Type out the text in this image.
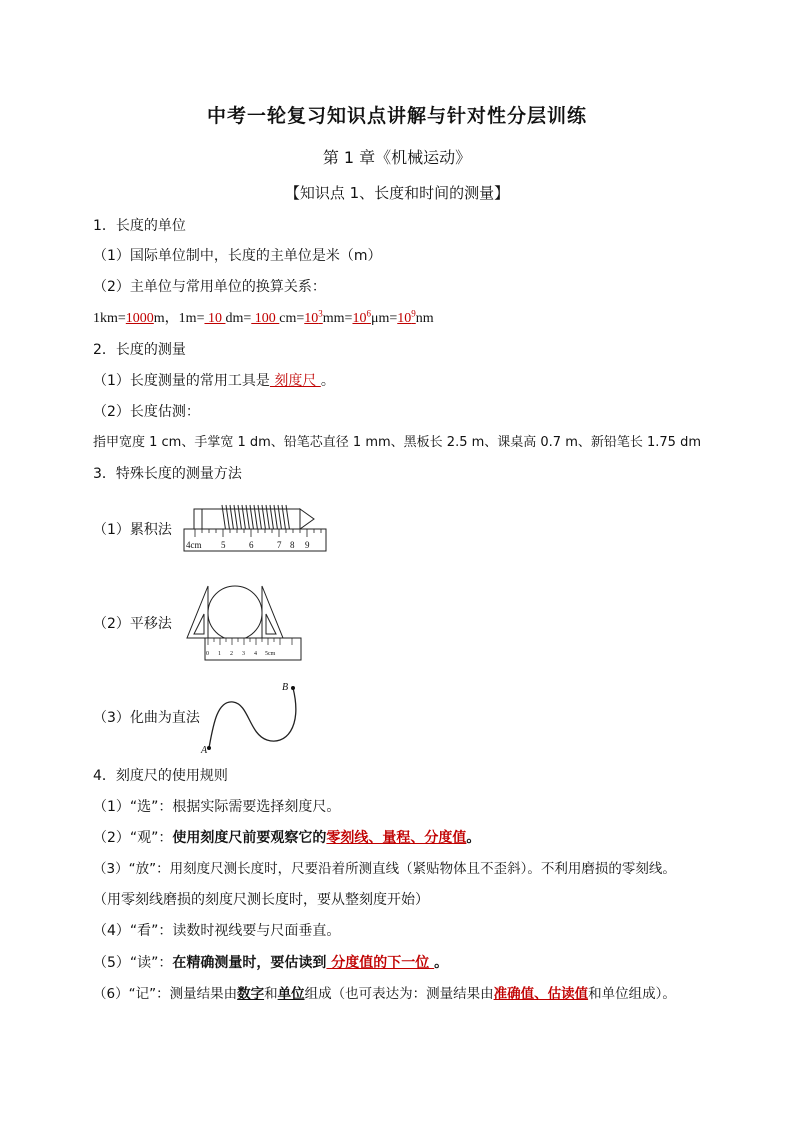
中考一轮复习知识点讲解与针对性分层训练
第 1 章《机械运动》
【知识点 1、长度和时间的测量】
1．长度的单位
（1）国际单位制中，长度的主单位是米（m）
（2）主单位与常用单位的换算关系：
1km=1000m，1m= 10 dm= 100 $cm=10^3mm=10^6\mu m=10^9nm$
2．长度的测量
（1）长度测量的常用工具是 刻度尺 。
（2）长度估测：
指甲宽度 1 cm、手掌宽 1 dm、铅笔芯直径 1 mm、黑板长 2.5 m、课桌高 0.7 m、新铅笔长 1.75 dm
3．特殊长度的测量方法
（1）累积法
4cm 5	6	7 8 9
（2）平移法
0 1 2 3 4 5cm
（3）化曲为直法
A
B
4．刻度尺的使用规则
（1）“选”：根据实际需要选择刻度尺。
（2）“观”：使用刻度尺前要观察它的零刻线、量程、分度值。
（3）“放”：用刻度尺测长度时，尺要沿着所测直线（紧贴物体且不歪斜）。不利用磨损的零刻线。
（用零刻线磨损的刻度尺测长度时，要从整刻度开始）
（4）“看”：读数时视线要与尺面垂直。
（5）“读”：在精确测量时，要估读到 分度值的下一位 。
（6）“记”：测量结果由数字和单位组成（也可表达为：测量结果由准确值、估读值和单位组成）。
